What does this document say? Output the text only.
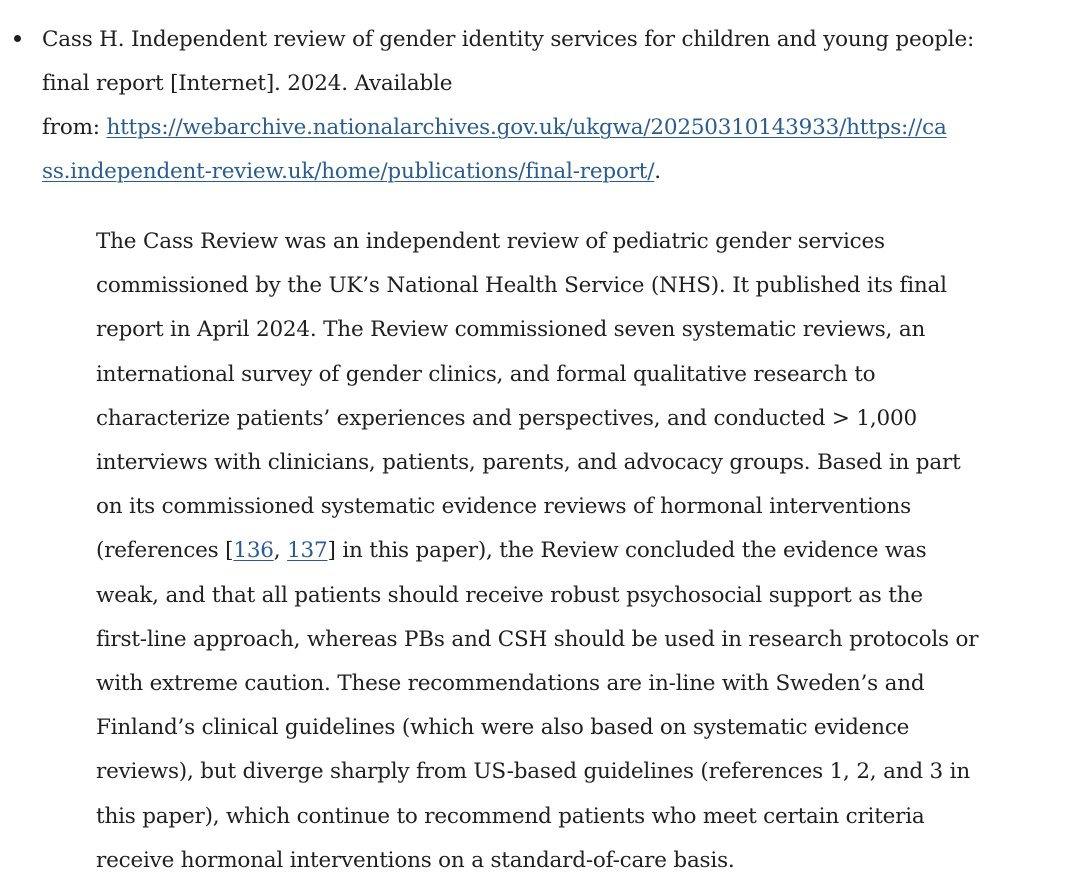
Cass H. Independent review of gender identity services for children and young people:
final report [Internet]. 2024. Available
from: https://webarchive.nationalarchives.gov.uk/ukgwa/20250310143933/https://ca
ss.independent-review.uk/home/publications/final-report/.

The Cass Review was an independent review of pediatric gender services
commissioned by the UK’s National Health Service (NHS). It published its final
report in April 2024. The Review commissioned seven systematic reviews, an
international survey of gender clinics, and formal qualitative research to
characterize patients’ experiences and perspectives, and conducted > 1,000
interviews with clinicians, patients, parents, and advocacy groups. Based in part
on its commissioned systematic evidence reviews of hormonal interventions
(references [136, 137] in this paper), the Review concluded the evidence was
weak, and that all patients should receive robust psychosocial support as the
first-line approach, whereas PBs and CSH should be used in research protocols or
with extreme caution. These recommendations are in-line with Sweden’s and
Finland’s clinical guidelines (which were also based on systematic evidence
reviews), but diverge sharply from US-based guidelines (references 1, 2, and 3 in
this paper), which continue to recommend patients who meet certain criteria
receive hormonal interventions on a standard-of-care basis.
